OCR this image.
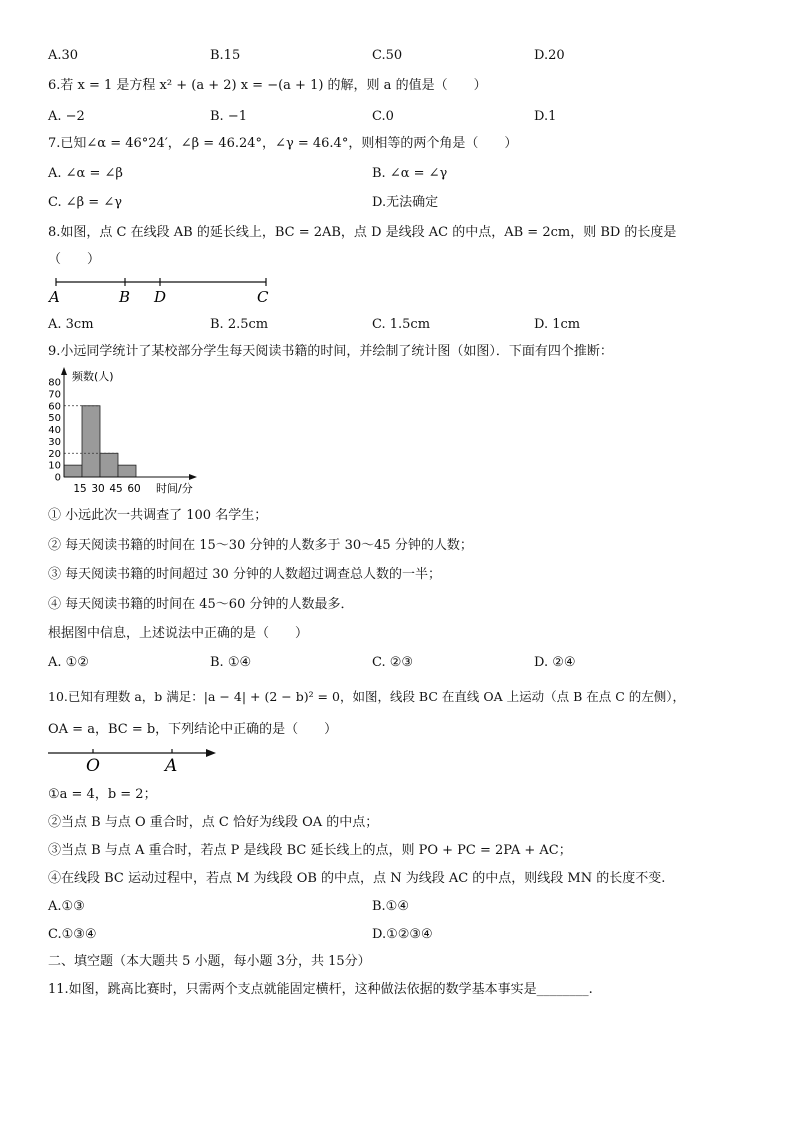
A.30	B.15	C.50	D.20
6.若 x = 1 是方程 x² + (a + 2) x = −(a + 1) 的解，则 a 的值是（　　）
A. −2	B. −1	C.0	D.1
7.已知∠α = 46°24′，∠β = 46.24°，∠γ = 46.4°，则相等的两个角是（　　）
A. ∠α = ∠β	B. ∠α = ∠γ
C. ∠β = ∠γ	D.无法确定
8.如图，点 C 在线段 AB 的延长线上，BC = 2AB，点 D 是线段 AC 的中点，AB = 2cm，则 BD 的长度是
（　　）
A	B D	C
A. 3cm	B. 2.5cm	C. 1.5cm	D. 1cm
9.小远同学统计了某校部分学生每天阅读书籍的时间，并绘制了统计图（如图）．下面有四个推断：
0
10
20
30
40
50
60
70
80
15 30 45 60
频数(人)
时间/分
① 小远此次一共调查了 100 名学生；
② 每天阅读书籍的时间在 15～30 分钟的人数多于 30～45 分钟的人数；
③ 每天阅读书籍的时间超过 30 分钟的人数超过调查总人数的一半；
④ 每天阅读书籍的时间在 45～60 分钟的人数最多．
根据图中信息，上述说法中正确的是（　　）
A. ①②	B. ①④	C. ②③	D. ②④
10.已知有理数 a，b 满足：|a − 4| + (2 − b)² = 0，如图，线段 BC 在直线 OA 上运动（点 B 在点 C 的左侧），
OA = a，BC = b，下列结论中正确的是（　　）
O	A
①a = 4，b = 2；
②当点 B 与点 O 重合时，点 C 恰好为线段 OA 的中点；
③当点 B 与点 A 重合时，若点 P 是线段 BC 延长线上的点，则 PO + PC = 2PA + AC；
④在线段 BC 运动过程中，若点 M 为线段 OB 的中点，点 N 为线段 AC 的中点，则线段 MN 的长度不变.
A.①③	B.①④
C.①③④	D.①②③④
二、填空题（本大题共 5 小题，每小题 3分，共 15分）
11.如图，跳高比赛时，只需两个支点就能固定横杆，这种做法依据的数学基本事实是________.
